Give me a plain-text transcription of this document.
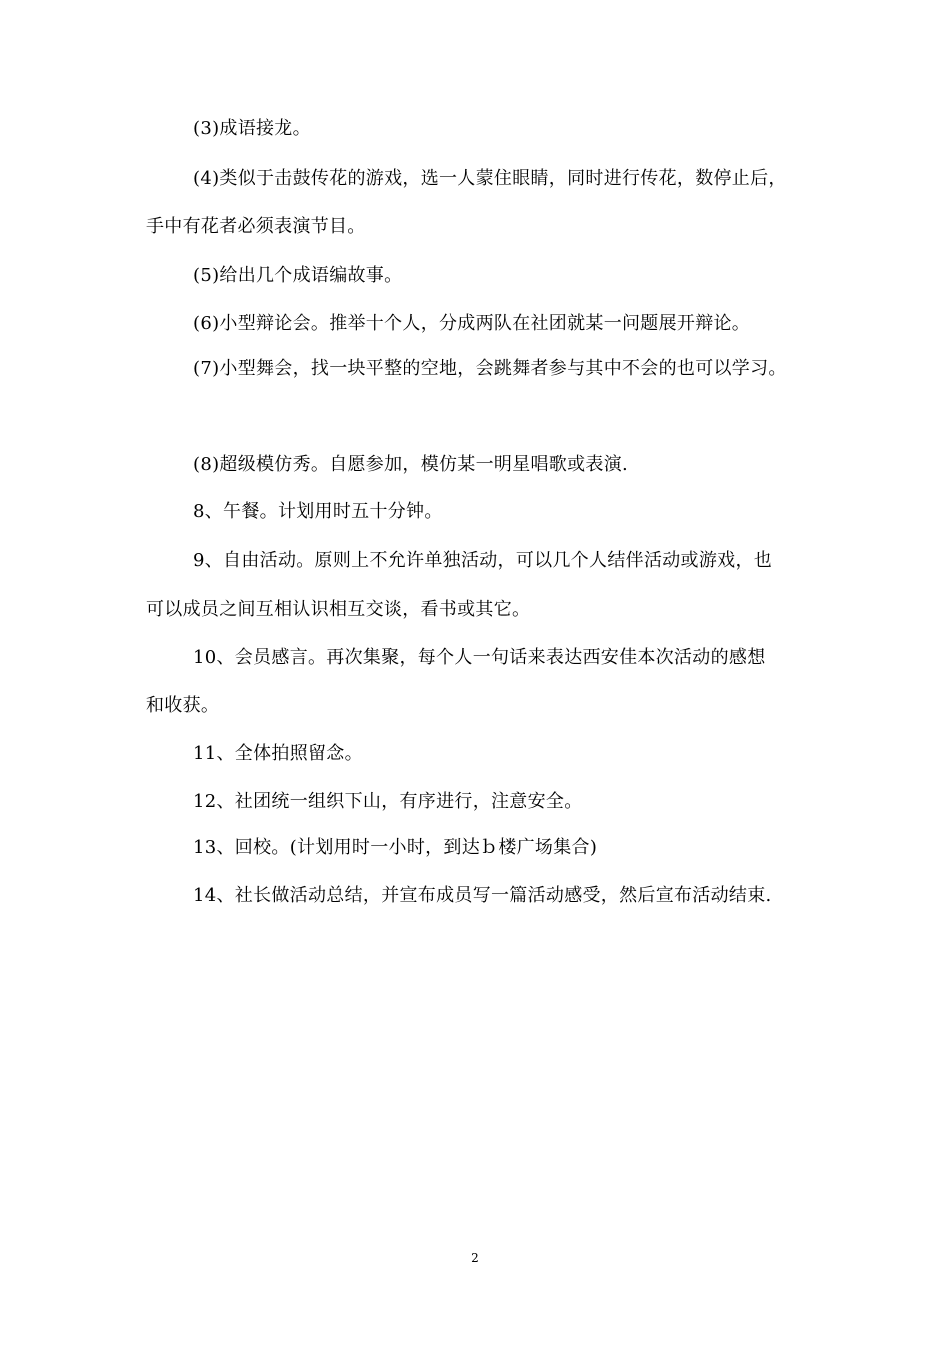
(3)成语接龙。
(4)类似于击鼓传花的游戏，选一人蒙住眼睛，同时进行传花，数停止后，
手中有花者必须表演节目。
(5)给出几个成语编故事。
(6)小型辩论会。推举十个人，分成两队在社团就某一问题展开辩论。
(7)小型舞会，找一块平整的空地，会跳舞者参与其中不会的也可以学习。
(8)超级模仿秀。自愿参加，模仿某一明星唱歌或表演.
8、午餐。计划用时五十分钟。
9、自由活动。原则上不允许单独活动，可以几个人结伴活动或游戏，也
可以成员之间互相认识相互交谈，看书或其它。
10、会员感言。再次集聚，每个人一句话来表达西安佳本次活动的感想
和收获。
11、全体拍照留念。
12、社团统一组织下山，有序进行，注意安全。
13、回校。(计划用时一小时，到达ｂ楼广场集合)
14、社长做活动总结，并宣布成员写一篇活动感受，然后宣布活动结束.
2
